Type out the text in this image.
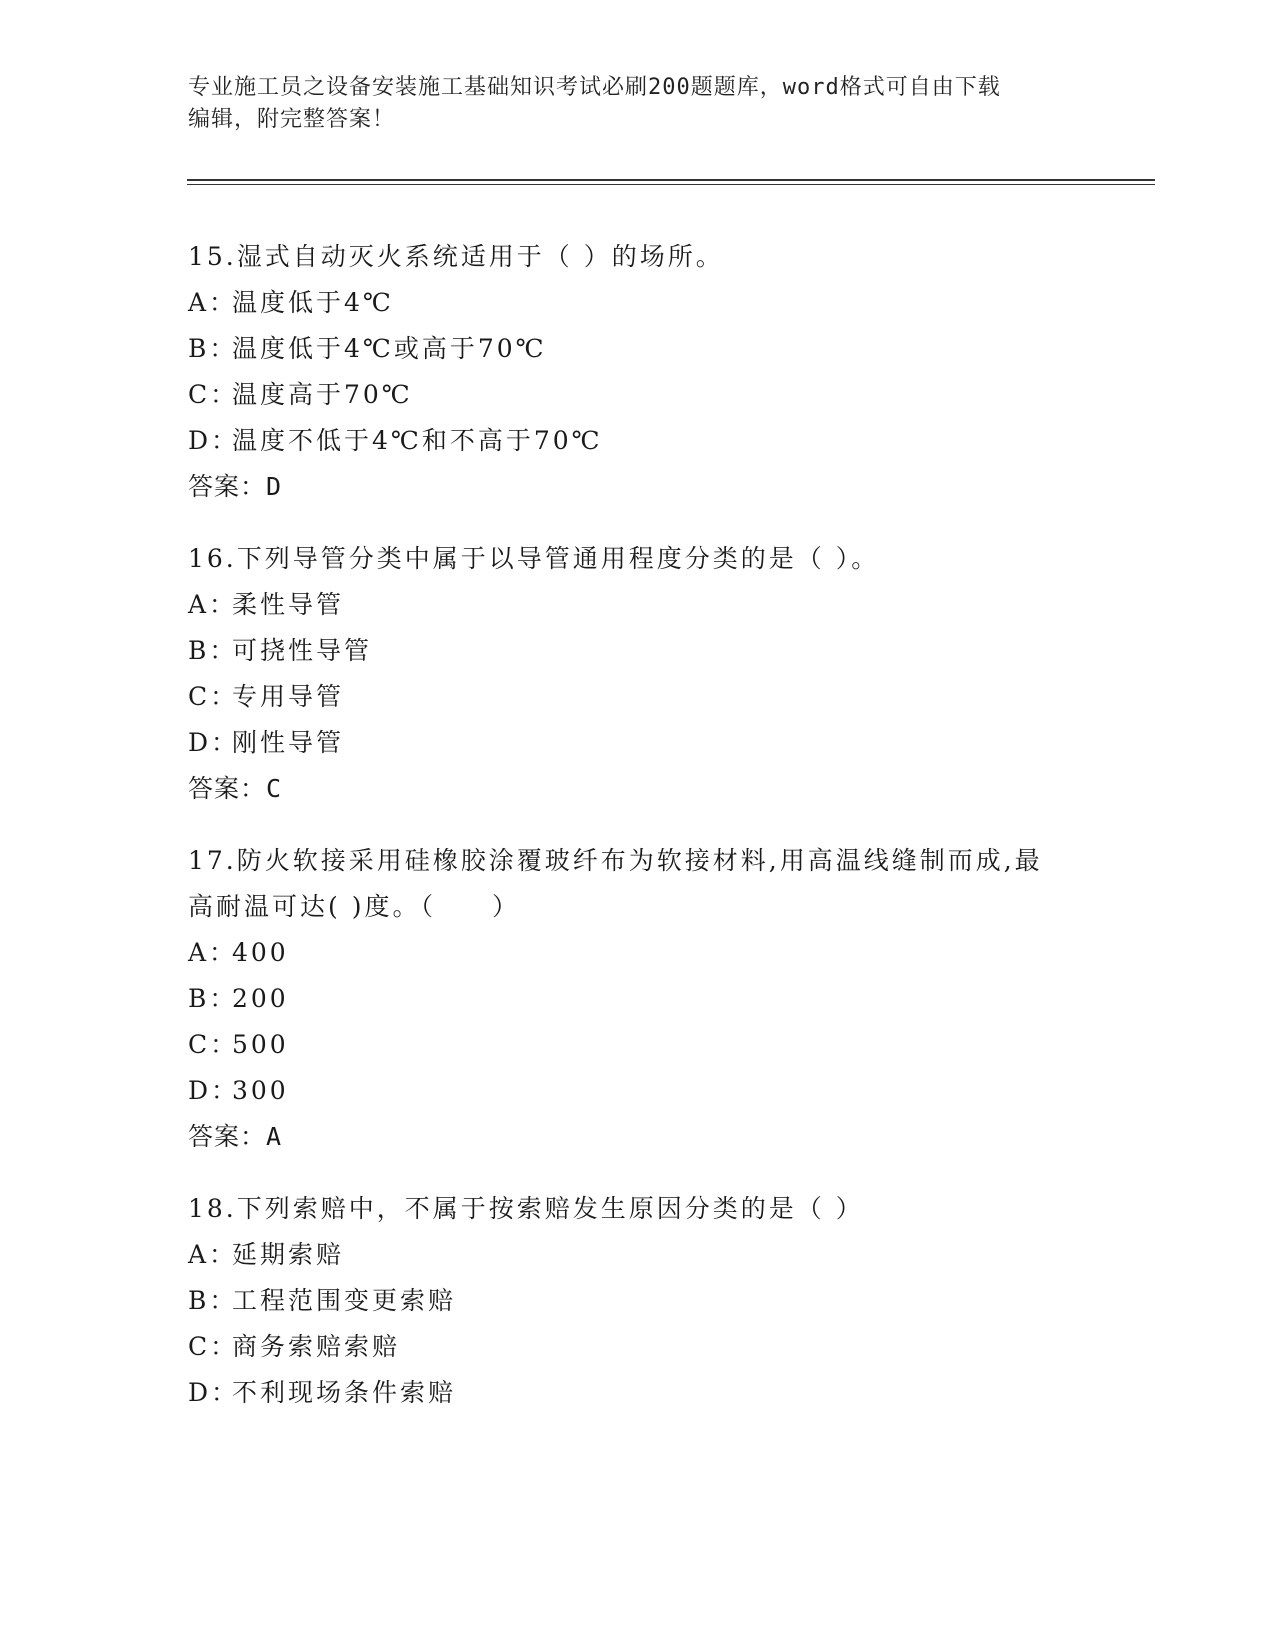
专业施工员之设备安装施工基础知识考试必刷200题题库，word格式可自由下载
编辑，附完整答案！
15.湿式自动灭火系统适用于（ ）的场所。
A：温度低于4℃
B：温度低于4℃或高于70℃
C：温度高于70℃
D：温度不低于4℃和不高于70℃
答案：D
16.下列导管分类中属于以导管通用程度分类的是（ ）。
A：柔性导管
B：可挠性导管
C：专用导管
D：刚性导管
答案：C
17.防火软接采用硅橡胶涂覆玻纤布为软接材料,用高温线缝制而成,最
高耐温可达( )度。（　　）
A：400
B：200
C：500
D：300
答案：A
18.下列索赔中，不属于按索赔发生原因分类的是（ ）
A：延期索赔
B：工程范围变更索赔
C：商务索赔索赔
D：不利现场条件索赔
